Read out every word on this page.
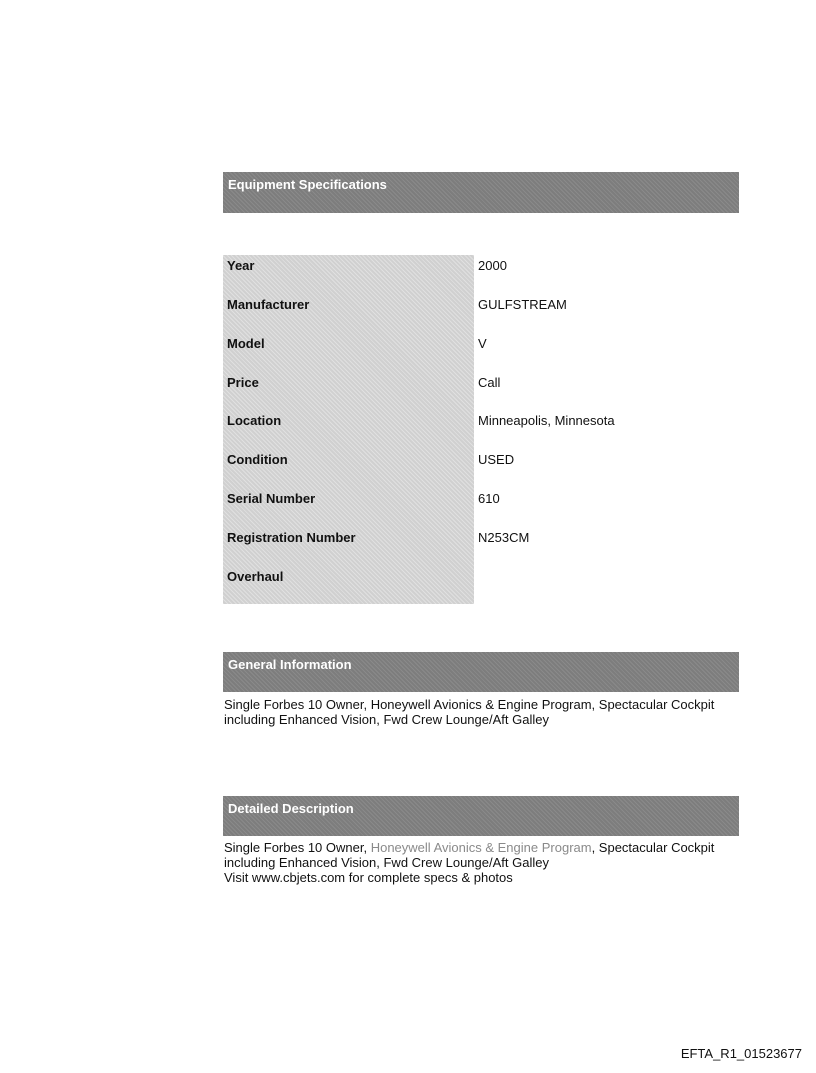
Equipment Specifications
Year	2000
Manufacturer	GULFSTREAM
Model	V
Price	Call
Location	Minneapolis, Minnesota
Condition	USED
Serial Number	610
Registration Number	N253CM
Overhaul
General Information
Single Forbes 10 Owner, Honeywell Avionics & Engine Program, Spectacular Cockpit including Enhanced Vision, Fwd Crew Lounge/Aft Galley
Detailed Description
Single Forbes 10 Owner, Honeywell Avionics & Engine Program, Spectacular Cockpit including Enhanced Vision, Fwd Crew Lounge/Aft Galley
Visit www.cbjets.com for complete specs & photos
EFTA_R1_01523677
